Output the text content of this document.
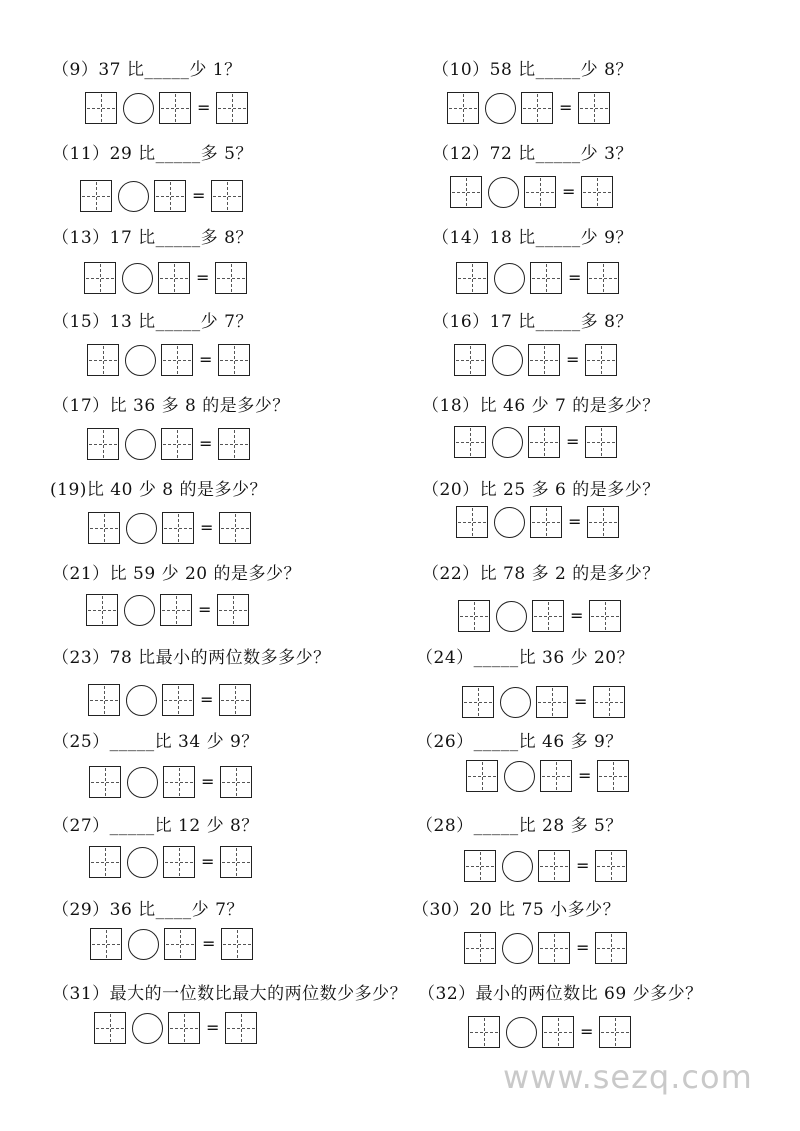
（9）37 比_____少 1？
=
（10）58 比_____少 8？
=
（11）29 比_____多 5？
=
（12）72 比_____少 3？
=
（13）17 比_____多 8？
=
（14）18 比_____少 9？
=
（15）13 比_____少 7？
=
（16）17 比_____多 8？
=
（17）比 36 多 8 的是多少？
=
（18）比 46 少 7 的是多少？
=
(19)比 40 少 8 的是多少？
=
（20）比 25 多 6 的是多少？
=
（21）比 59 少 20 的是多少？
=
（22）比 78 多 2 的是多少？
=
（23）78 比最小的两位数多多少？
=
（24）_____比 36 少 20？
=
（25）_____比 34 少 9？
=
（26）_____比 46 多 9？
=
（27）_____比 12 少 8？
=
（28）_____比 28 多 5？
=
（29）36 比____少 7？
=
（30）20 比 75 小多少？
=
（31）最大的一位数比最大的两位数少多少？
=
（32）最小的两位数比 69 少多少？
=
www.sezq.com
